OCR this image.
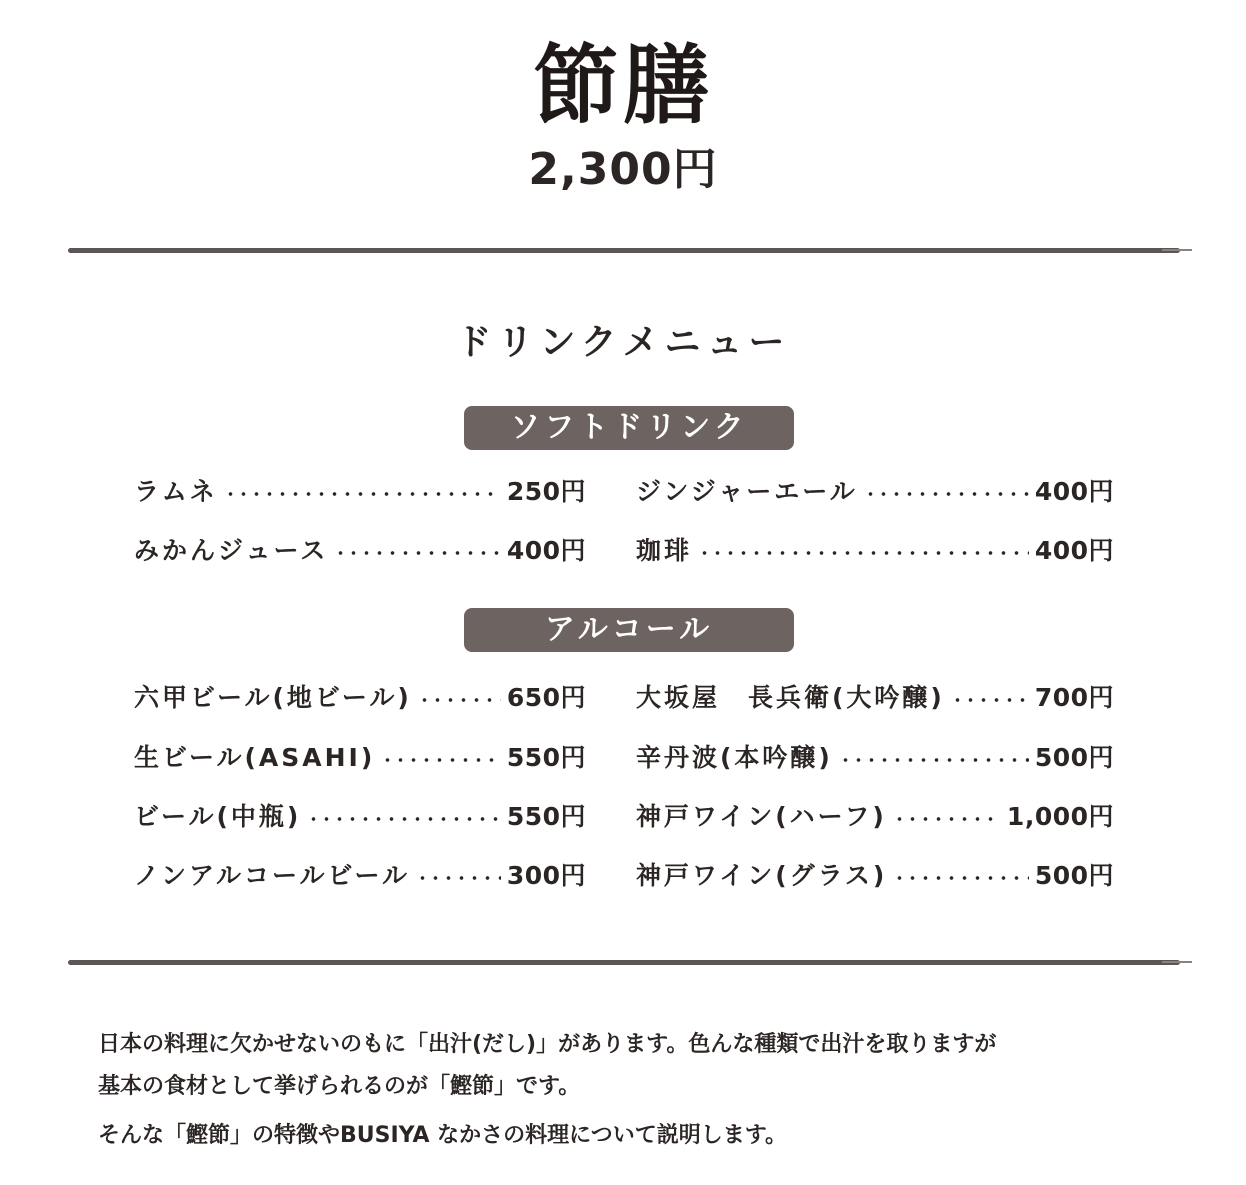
節膳
2,300円
ドリンクメニュー
ソフトドリンク
ラムネ	250円 ジンジャーエール	400円
みかんジュース	400円 珈琲	400円
アルコール
六甲ビール(地ビール)	650円 大坂屋　長兵衛(大吟醸)	700円
生ビール(ASAHI)	550円 辛丹波(本吟醸)	500円
ビール(中瓶)	550円 神戸ワイン(ハーフ)	1,000円
ノンアルコールビール	300円 神戸ワイン(グラス)	500円
日本の料理に欠かせないのもに「出汁(だし)」があります。色んな種類で出汁を取りますが
基本の食材として挙げられるのが「鰹節」です。
そんな「鰹節」の特徴やBUSIYA なかさの料理について説明します。
